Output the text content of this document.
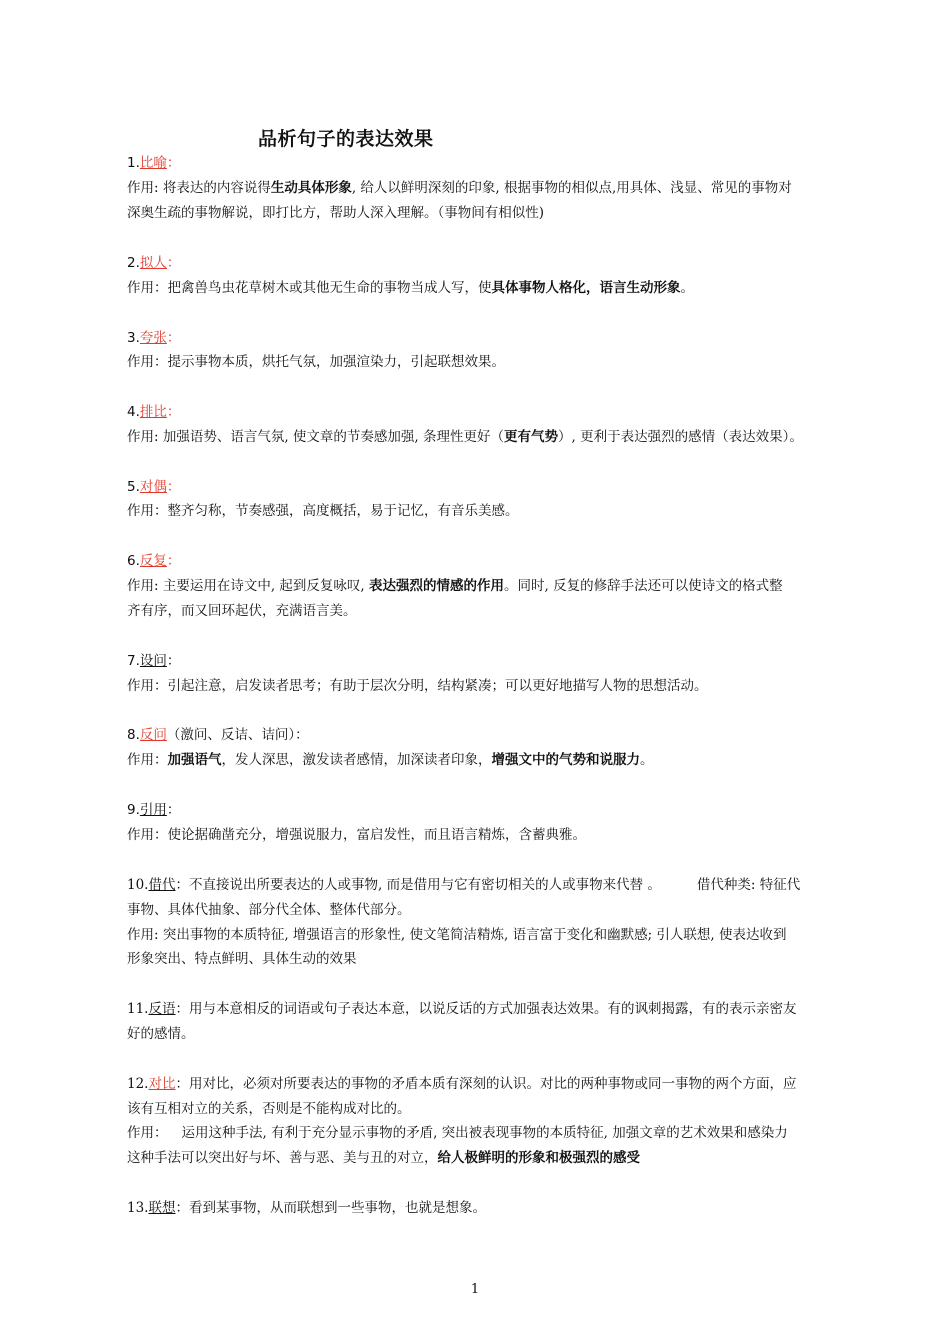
品析句子的表达效果
1.比喻：
作用: 将表达的内容说得生动具体形象, 给人以鲜明深刻的印象, 根据事物的相似点,用具体、浅显、常见的事物对
深奥生疏的事物解说，即打比方，帮助人深入理解。（事物间有相似性)
2.拟人：
作用：把禽兽鸟虫花草树木或其他无生命的事物当成人写，使具体事物人格化，语言生动形象。
3.夸张：
作用：提示事物本质，烘托气氛，加强渲染力，引起联想效果。
4.排比：
作用: 加强语势、语言气氛, 使文章的节奏感加强, 条理性更好（更有气势）, 更利于表达强烈的感情（表达效果）。
5.对偶：
作用：整齐匀称，节奏感强，高度概括，易于记忆，有音乐美感。
6.反复：
作用: 主要运用在诗文中, 起到反复咏叹, 表达强烈的情感的作用。同时, 反复的修辞手法还可以使诗文的格式整
齐有序，而又回环起伏，充满语言美。
7.设问：
作用：引起注意，启发读者思考；有助于层次分明，结构紧凑；可以更好地描写人物的思想活动。
8.反问（激问、反诘、诘问）：
作用：加强语气，发人深思，激发读者感情，加深读者印象，增强文中的气势和说服力。
9.引用：
作用：使论据确凿充分，增强说服力，富启发性，而且语言精炼，含蓄典雅。
10.借代：不直接说出所要表达的人或事物, 而是借用与它有密切相关的人或事物来代替 。	借代种类: 特征代
事物、具体代抽象、部分代全体、整体代部分。
作用: 突出事物的本质特征, 增强语言的形象性, 使文笔简洁精炼, 语言富于变化和幽默感; 引人联想, 使表达收到
形象突出、特点鲜明、具体生动的效果
11.反语：用与本意相反的词语或句子表达本意，以说反话的方式加强表达效果。有的讽刺揭露，有的表示亲密友
好的感情。
12.对比：用对比，必须对所要表达的事物的矛盾本质有深刻的认识。对比的两种事物或同一事物的两个方面，应
该有互相对立的关系，否则是不能构成对比的。
作用： 运用这种手法, 有利于充分显示事物的矛盾, 突出被表现事物的本质特征, 加强文章的艺术效果和感染力
这种手法可以突出好与坏、善与恶、美与丑的对立，给人极鲜明的形象和极强烈的感受
13.联想：看到某事物，从而联想到一些事物，也就是想象。
1
